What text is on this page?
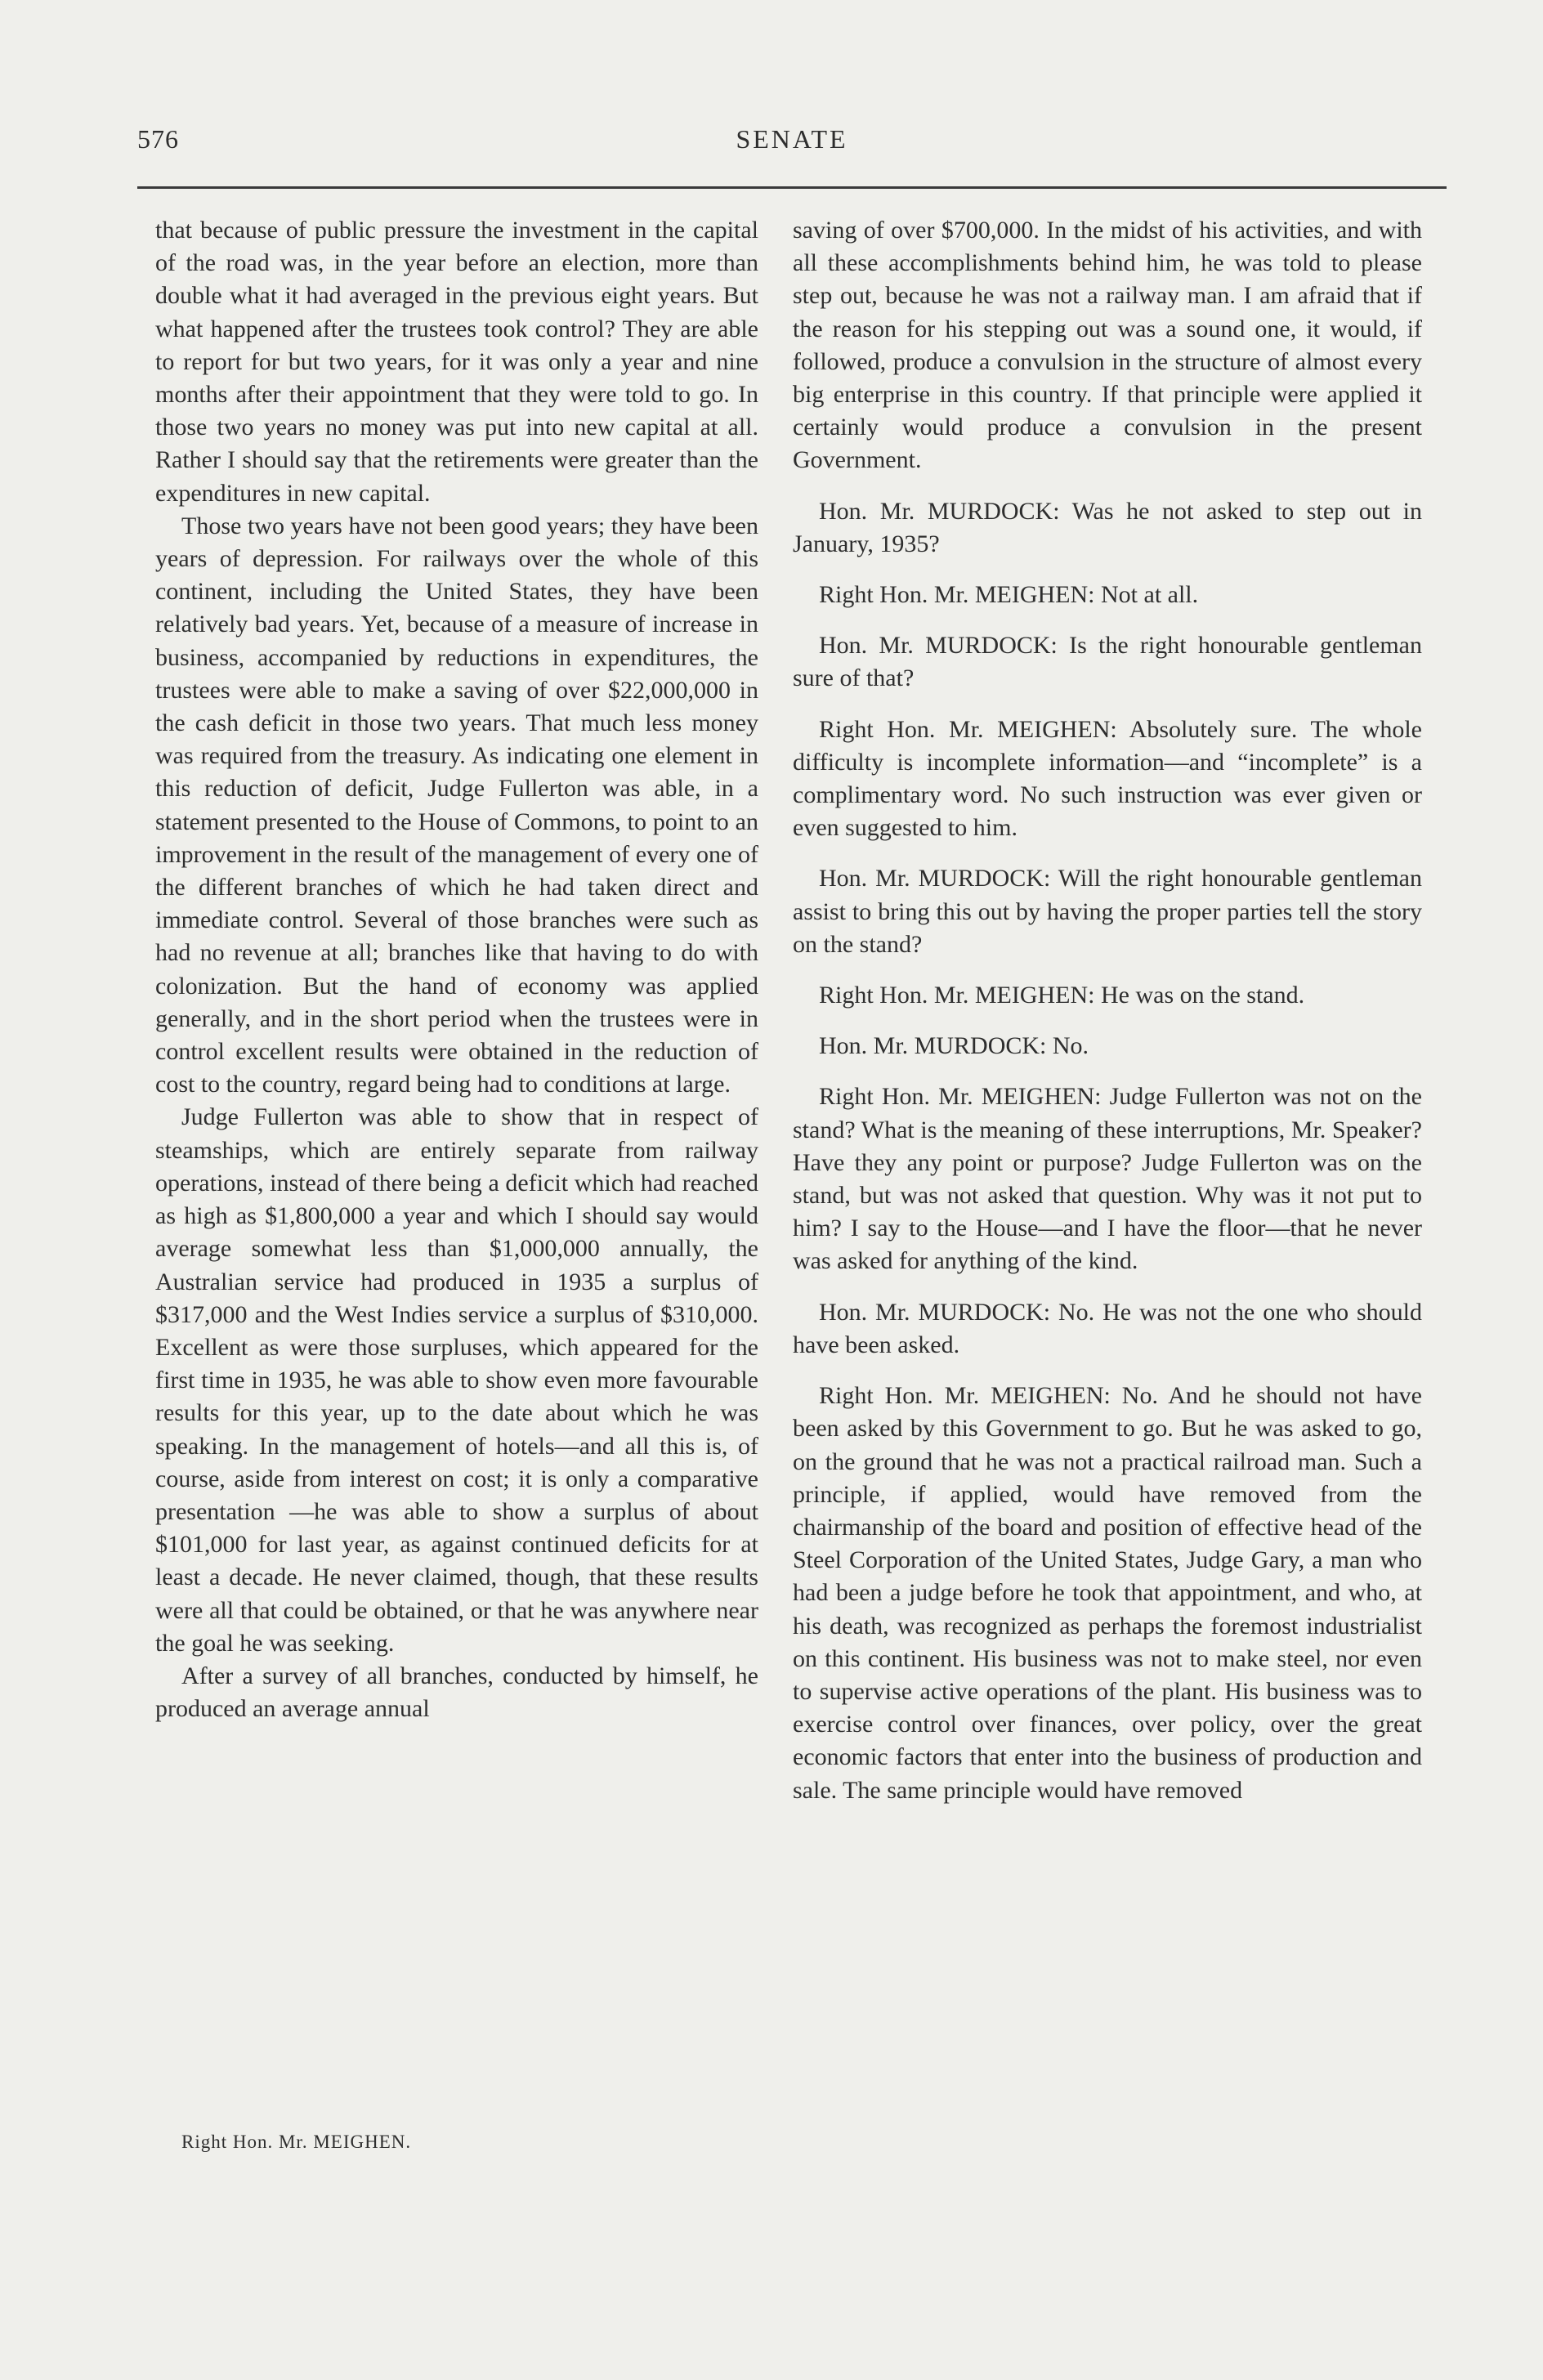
576	SENATE

that because of public pressure the investment in the capital of the road was, in the year before an election, more than double what it had averaged in the previous eight years. But what happened after the trustees took control? They are able to report for but two years, for it was only a year and nine months after their appointment that they were told to go. In those two years no money was put into new capital at all. Rather I should say that the retirements were greater than the expenditures in new capital.

Those two years have not been good years; they have been years of depression. For railways over the whole of this continent, including the United States, they have been relatively bad years. Yet, because of a measure of increase in business, accompanied by reductions in expenditures, the trustees were able to make a saving of over $22,000,000 in the cash deficit in those two years. That much less money was required from the treasury. As indicating one element in this reduction of deficit, Judge Fullerton was able, in a statement presented to the House of Commons, to point to an improvement in the result of the management of every one of the different branches of which he had taken direct and immediate control. Several of those branches were such as had no revenue at all; branches like that having to do with colonization. But the hand of economy was applied generally, and in the short period when the trustees were in control excellent results were obtained in the reduction of cost to the country, regard being had to conditions at large.

Judge Fullerton was able to show that in respect of steamships, which are entirely separate from railway operations, instead of there being a deficit which had reached as high as $1,800,000 a year and which I should say would average somewhat less than $1,000,000 annually, the Australian service had produced in 1935 a surplus of $317,000 and the West Indies service a surplus of $310,000. Excellent as were those surpluses, which appeared for the first time in 1935, he was able to show even more favourable results for this year, up to the date about which he was speaking. In the management of hotels—and all this is, of course, aside from interest on cost; it is only a comparative presentation —he was able to show a surplus of about $101,000 for last year, as against continued deficits for at least a decade. He never claimed, though, that these results were all that could be obtained, or that he was anywhere near the goal he was seeking.

After a survey of all branches, conducted by himself, he produced an average annual

saving of over $700,000. In the midst of his activities, and with all these accomplishments behind him, he was told to please step out, because he was not a railway man. I am afraid that if the reason for his stepping out was a sound one, it would, if followed, produce a convulsion in the structure of almost every big enterprise in this country. If that principle were applied it certainly would produce a convulsion in the present Government.

Hon. Mr. MURDOCK: Was he not asked to step out in January, 1935?

Right Hon. Mr. MEIGHEN: Not at all.

Hon. Mr. MURDOCK: Is the right honourable gentleman sure of that?

Right Hon. Mr. MEIGHEN: Absolutely sure. The whole difficulty is incomplete information—and “incomplete” is a complimentary word. No such instruction was ever given or even suggested to him.

Hon. Mr. MURDOCK: Will the right honourable gentleman assist to bring this out by having the proper parties tell the story on the stand?

Right Hon. Mr. MEIGHEN: He was on the stand.

Hon. Mr. MURDOCK: No.

Right Hon. Mr. MEIGHEN: Judge Fullerton was not on the stand? What is the meaning of these interruptions, Mr. Speaker? Have they any point or purpose? Judge Fullerton was on the stand, but was not asked that question. Why was it not put to him? I say to the House—and I have the floor—that he never was asked for anything of the kind.

Hon. Mr. MURDOCK: No. He was not the one who should have been asked.

Right Hon. Mr. MEIGHEN: No. And he should not have been asked by this Government to go. But he was asked to go, on the ground that he was not a practical railroad man. Such a principle, if applied, would have removed from the chairmanship of the board and position of effective head of the Steel Corporation of the United States, Judge Gary, a man who had been a judge before he took that appointment, and who, at his death, was recognized as perhaps the foremost industrialist on this continent. His business was not to make steel, nor even to supervise active operations of the plant. His business was to exercise control over finances, over policy, over the great economic factors that enter into the business of production and sale. The same principle would have removed

Right Hon. Mr. MEIGHEN.
